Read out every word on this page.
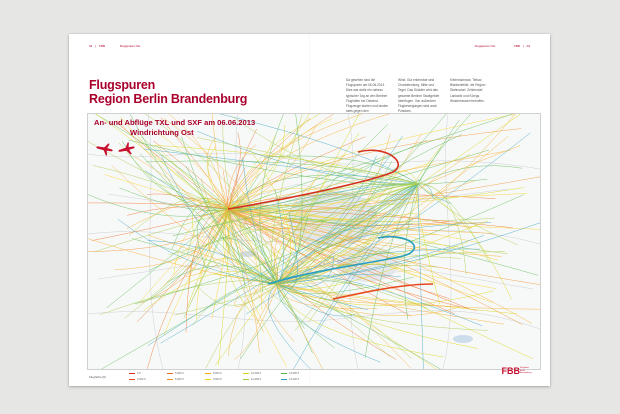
02 | FBB	Flugspuren Ost	Flugspuren Ost	FBB | 03
Flugspuren
Region Berlin Brandenburg

Da gesehen sind die Flugspuren am 06.06.2013. Dies war dafür ein nahezu typischer Tag an den Berliner Flughäfen bei Ostwind. Flugzeuge starten und landen stets gegen den

Wind. Gut erkennbar sind Charlottenburg, Mitte und Tegel. Das Südufer wird das gesamte Berliner Stadtgebiet überflogen. Von außerdem Flugbewegungen sind auch Potsdam,

Kleinmachnow, Teltow, Blankenfelde, die Region Stahnsdorf, Zehlendorf, Lankwitz und Königs Wusterhausen betroffen.

An- und Abflüge TXL und SXF am 06.06.2013
Windrichtung Ost
Flughöhe (ft)
0 ft	5.000 ft	8.000 ft	10.000 ft	13.000 ft
2.000 ft	6.000 ft	9.000 ft	12.000 ft	14.000 ft
FBB Flughafen Berlin Brandenburg
